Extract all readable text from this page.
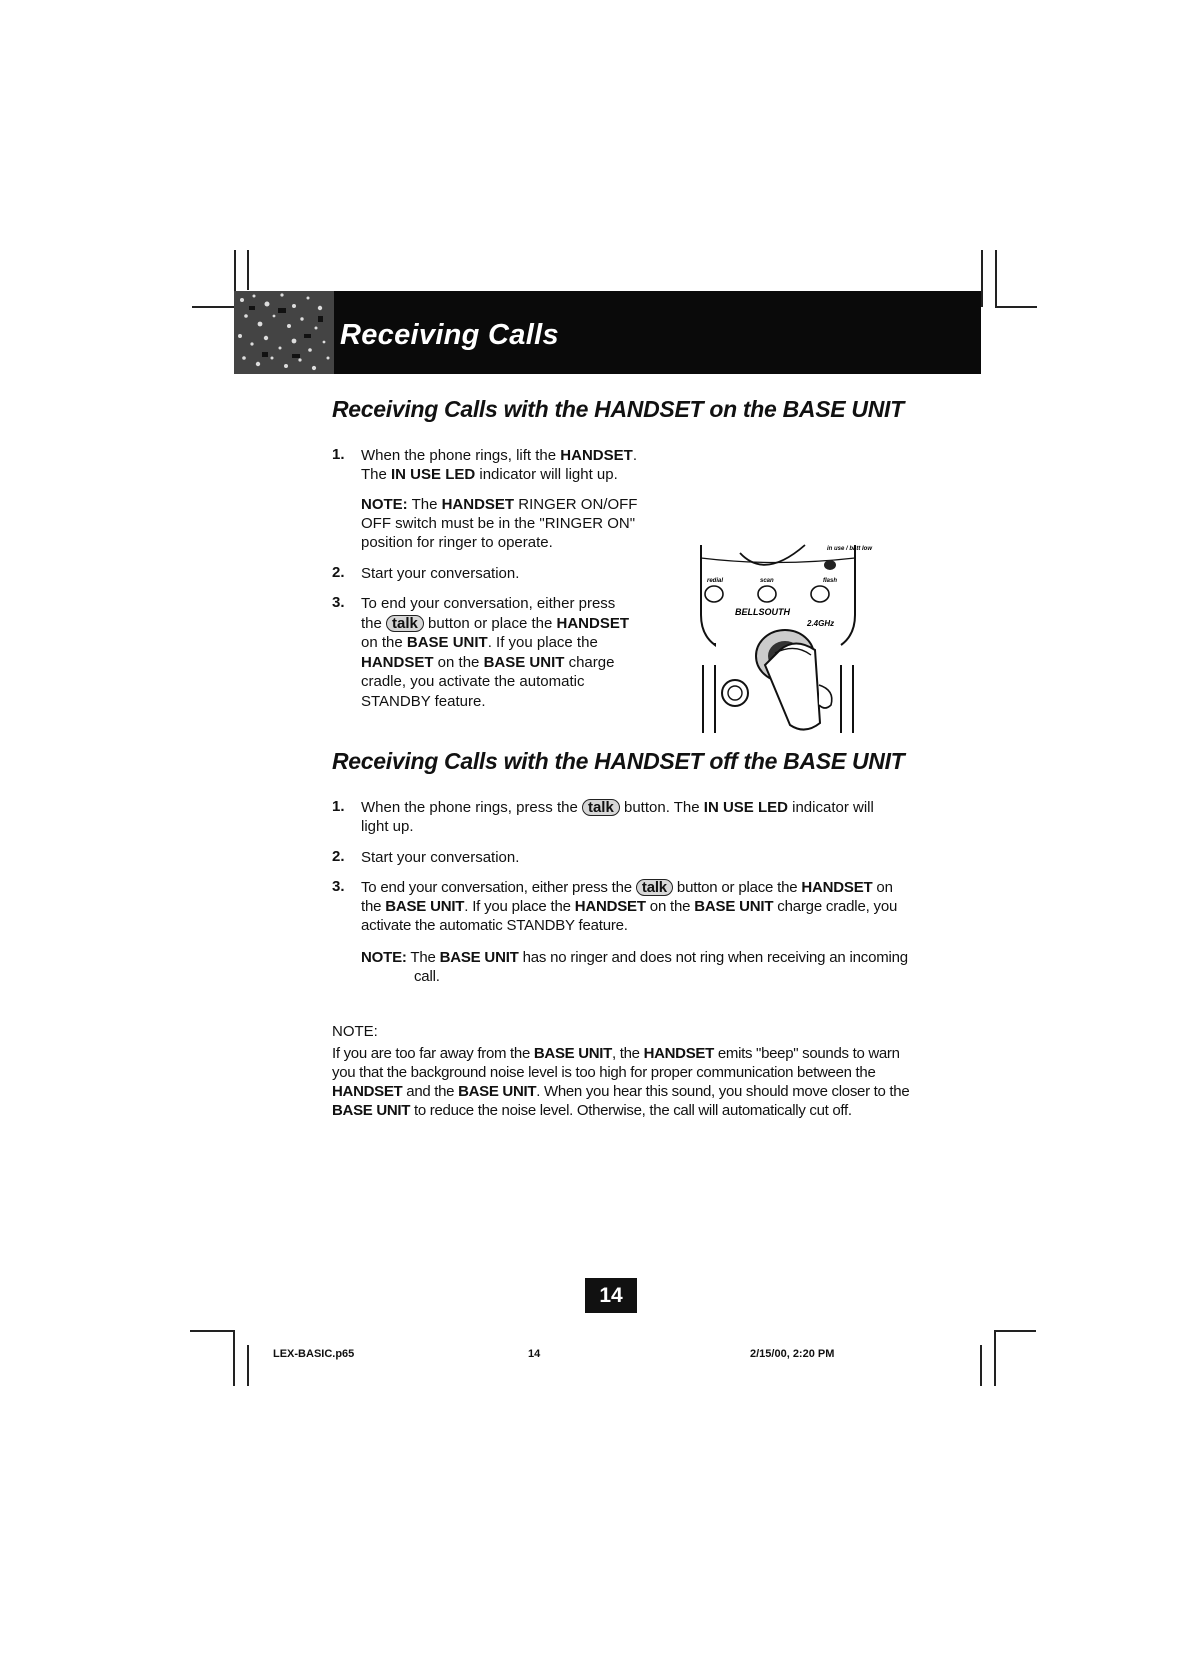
Receiving Calls
Receiving Calls with the HANDSET on the BASE UNIT
1. When the phone rings, lift the HANDSET.
The IN USE LED indicator will light up.
NOTE: The HANDSET RINGER ON/OFF
OFF switch must be in the "RINGER ON"
position for ringer to operate.
2. Start your conversation.
3. To end your conversation, either press
the talk button or place the HANDSET
on the BASE UNIT. If you place the
HANDSET on the BASE UNIT charge
cradle, you activate the automatic
STANDBY feature.
in use / batt low
redial	scan	flash
BELLSOUTH
2.4GHz
Receiving Calls with the HANDSET off the BASE UNIT
1. When the phone rings, press the talk button. The IN USE LED indicator will
light up.
2. Start your conversation.
3. To end your conversation, either press the talk button or place the HANDSET on
the BASE UNIT. If you place the HANDSET on the BASE UNIT charge cradle, you
activate the automatic STANDBY feature.
NOTE: The BASE UNIT has no ringer and does not ring when receiving an incoming
call.
NOTE:
If you are too far away from the BASE UNIT, the HANDSET emits "beep" sounds to warn
you that the background noise level is too high for proper communication between the
HANDSET and the BASE UNIT. When you hear this sound, you should move closer to the
BASE UNIT to reduce the noise level. Otherwise, the call will automatically cut off.
14
LEX-BASIC.p65	14	2/15/00, 2:20 PM
